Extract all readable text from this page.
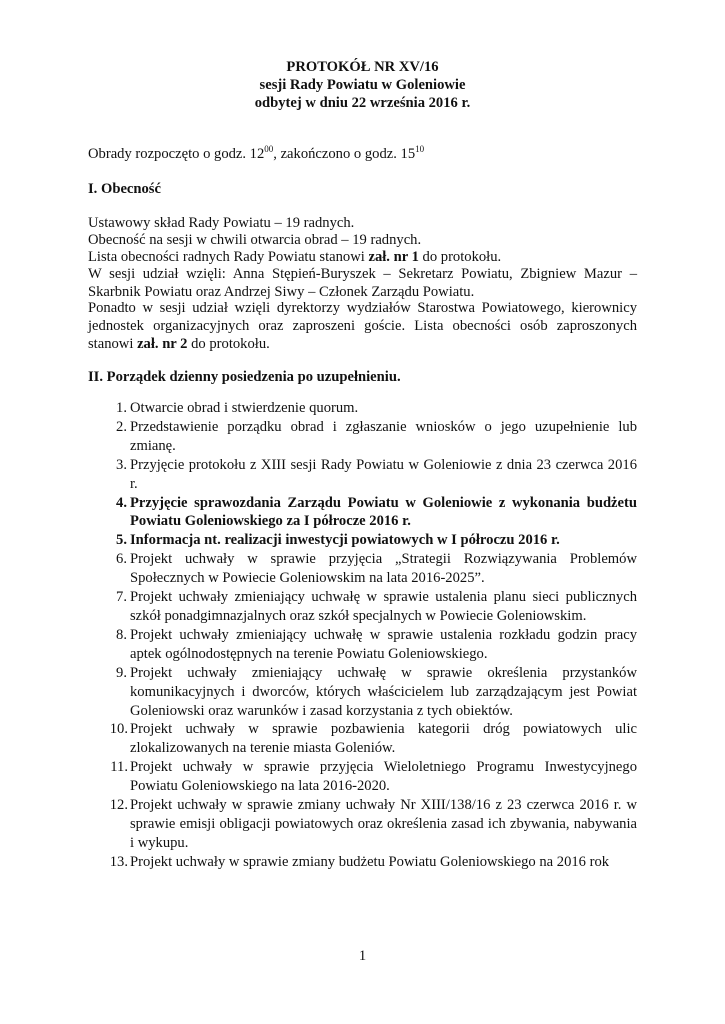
PROTOKÓŁ NR XV/16
sesji Rady Powiatu w Goleniowie
odbytej w dniu 22 września 2016 r.
Obrady rozpoczęto o godz. $12^{00}$, zakończono o godz. $15^{10}$
I. Obecność
Ustawowy skład Rady Powiatu – 19 radnych.
Obecność na sesji w chwili otwarcia obrad – 19 radnych.
Lista obecności radnych Rady Powiatu stanowi zał. nr 1 do protokołu.
W sesji udział wzięli: Anna Stępień-Buryszek – Sekretarz Powiatu, Zbigniew Mazur – Skarbnik Powiatu oraz Andrzej Siwy – Członek Zarządu Powiatu.
Ponadto w sesji udział wzięli dyrektorzy wydziałów Starostwa Powiatowego, kierownicy jednostek organizacyjnych oraz zaproszeni goście. Lista obecności osób zaproszonych stanowi zał. nr 2 do protokołu.
II. Porządek dzienny posiedzenia po uzupełnieniu.
1. Otwarcie obrad i stwierdzenie quorum.
2. Przedstawienie porządku obrad i zgłaszanie wniosków o jego uzupełnienie lub zmianę.
3. Przyjęcie protokołu z XIII sesji Rady Powiatu w Goleniowie z dnia 23 czerwca 2016 r.
4. Przyjęcie sprawozdania Zarządu Powiatu w Goleniowie z wykonania budżetu Powiatu Goleniowskiego za I półrocze 2016 r.
5. Informacja nt. realizacji inwestycji powiatowych w I półroczu 2016 r.
6. Projekt uchwały w sprawie przyjęcia „Strategii Rozwiązywania Problemów Społecznych w Powiecie Goleniowskim na lata 2016-2025”.
7. Projekt uchwały zmieniający uchwałę w sprawie ustalenia planu sieci publicznych szkół ponadgimnazjalnych oraz szkół specjalnych w Powiecie Goleniowskim.
8. Projekt uchwały zmieniający uchwałę w sprawie ustalenia rozkładu godzin pracy aptek ogólnodostępnych na terenie Powiatu Goleniowskiego.
9. Projekt uchwały zmieniający uchwałę w sprawie określenia przystanków komunikacyjnych i dworców, których właścicielem lub zarządzającym jest Powiat Goleniowski oraz warunków i zasad korzystania z tych obiektów.
10. Projekt uchwały w sprawie pozbawienia kategorii dróg powiatowych ulic zlokalizowanych na terenie miasta Goleniów.
11. Projekt uchwały w sprawie przyjęcia Wieloletniego Programu Inwestycyjnego Powiatu Goleniowskiego na lata 2016-2020.
12. Projekt uchwały w sprawie zmiany uchwały Nr XIII/138/16 z 23 czerwca 2016 r. w sprawie emisji obligacji powiatowych oraz określenia zasad ich zbywania, nabywania i wykupu.
13. Projekt uchwały w sprawie zmiany budżetu Powiatu Goleniowskiego na 2016 rok
1
